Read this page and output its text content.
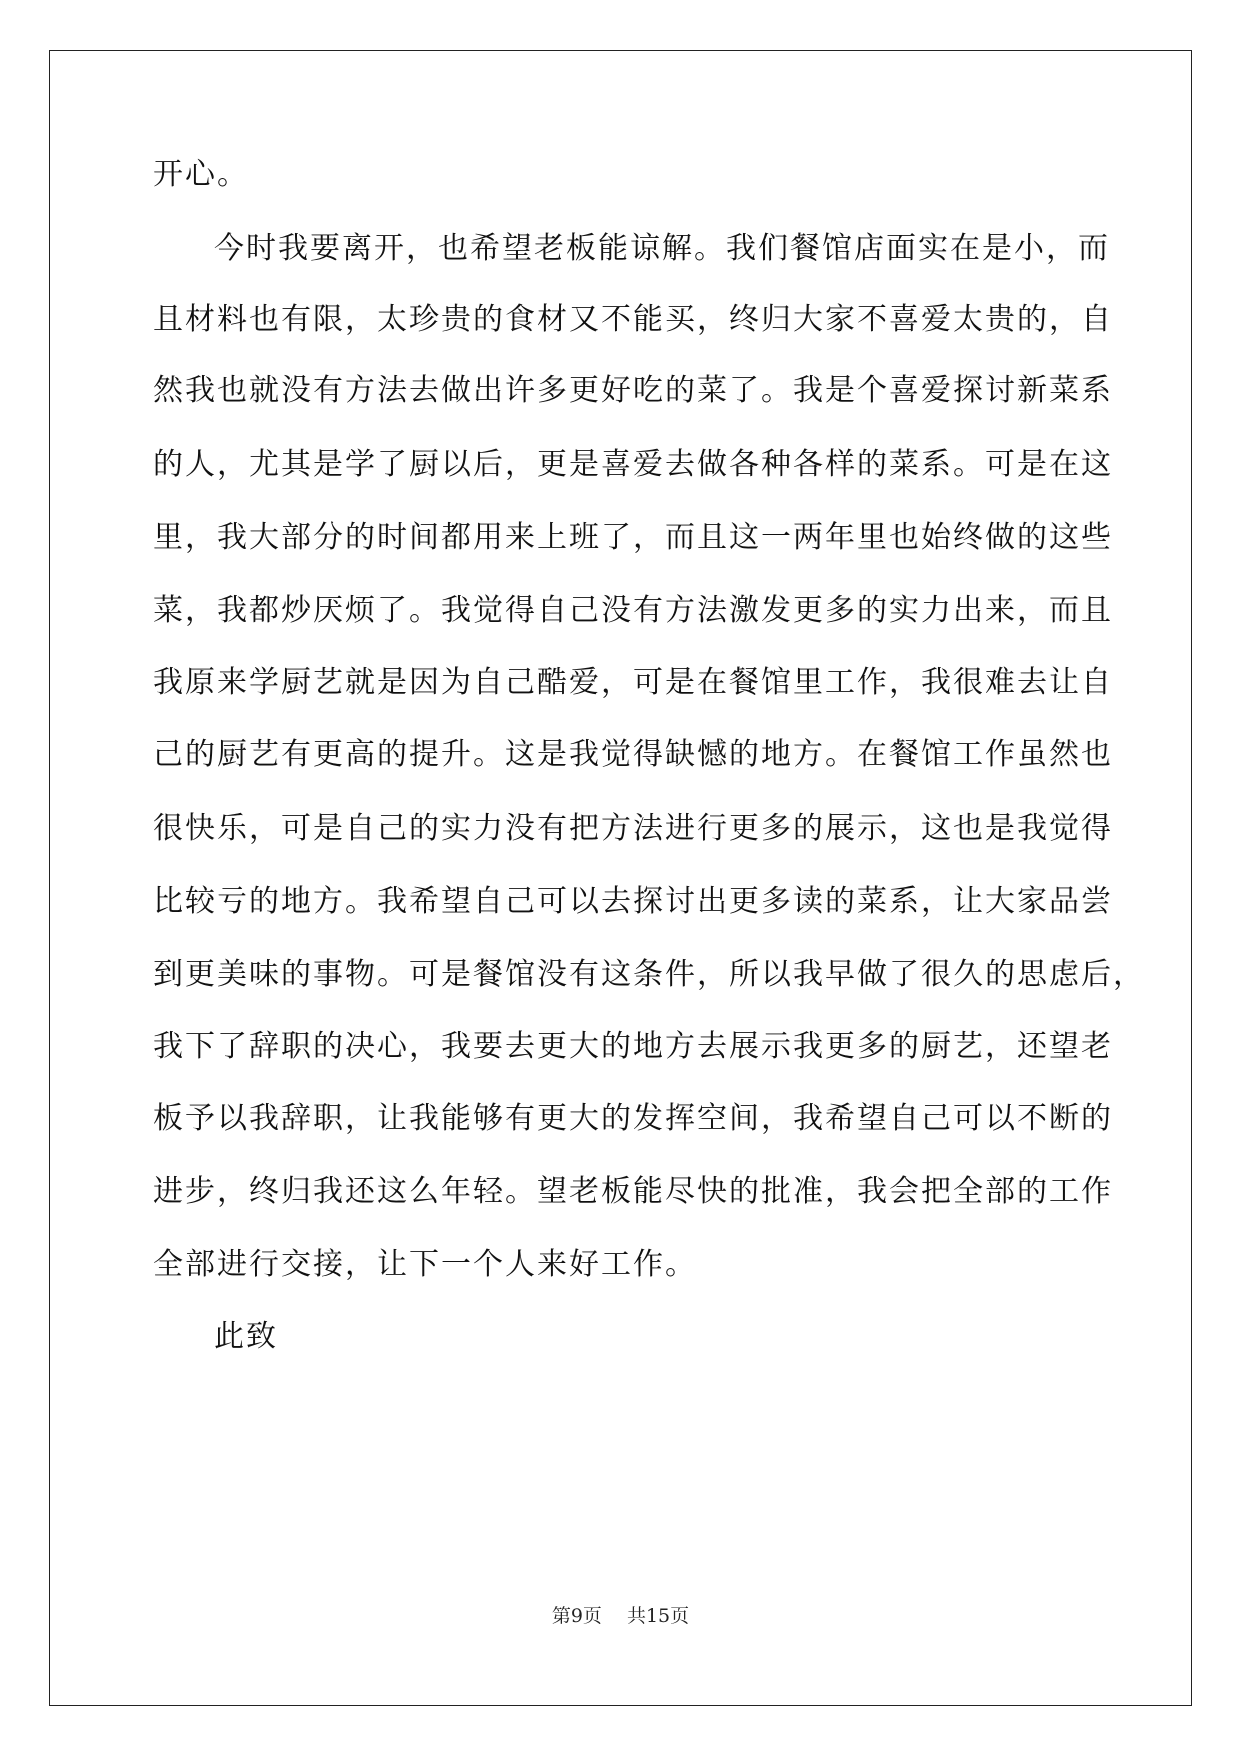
开心。
今时我要离开，也希望老板能谅解。我们餐馆店面实在是小，而
且材料也有限，太珍贵的食材又不能买，终归大家不喜爱太贵的，自
然我也就没有方法去做出许多更好吃的菜了。我是个喜爱探讨新菜系
的人，尤其是学了厨以后，更是喜爱去做各种各样的菜系。可是在这
里，我大部分的时间都用来上班了，而且这一两年里也始终做的这些
菜，我都炒厌烦了。我觉得自己没有方法激发更多的实力出来，而且
我原来学厨艺就是因为自己酷爱，可是在餐馆里工作，我很难去让自
己的厨艺有更高的提升。这是我觉得缺憾的地方。在餐馆工作虽然也
很快乐，可是自己的实力没有把方法进行更多的展示，这也是我觉得
比较亏的地方。我希望自己可以去探讨出更多读的菜系，让大家品尝
到更美味的事物。可是餐馆没有这条件，所以我早做了很久的思虑后，
我下了辞职的决心，我要去更大的地方去展示我更多的厨艺，还望老
板予以我辞职，让我能够有更大的发挥空间，我希望自己可以不断的
进步，终归我还这么年轻。望老板能尽快的批准，我会把全部的工作
全部进行交接，让下一个人来好工作。
此致
第9页　 共15页
